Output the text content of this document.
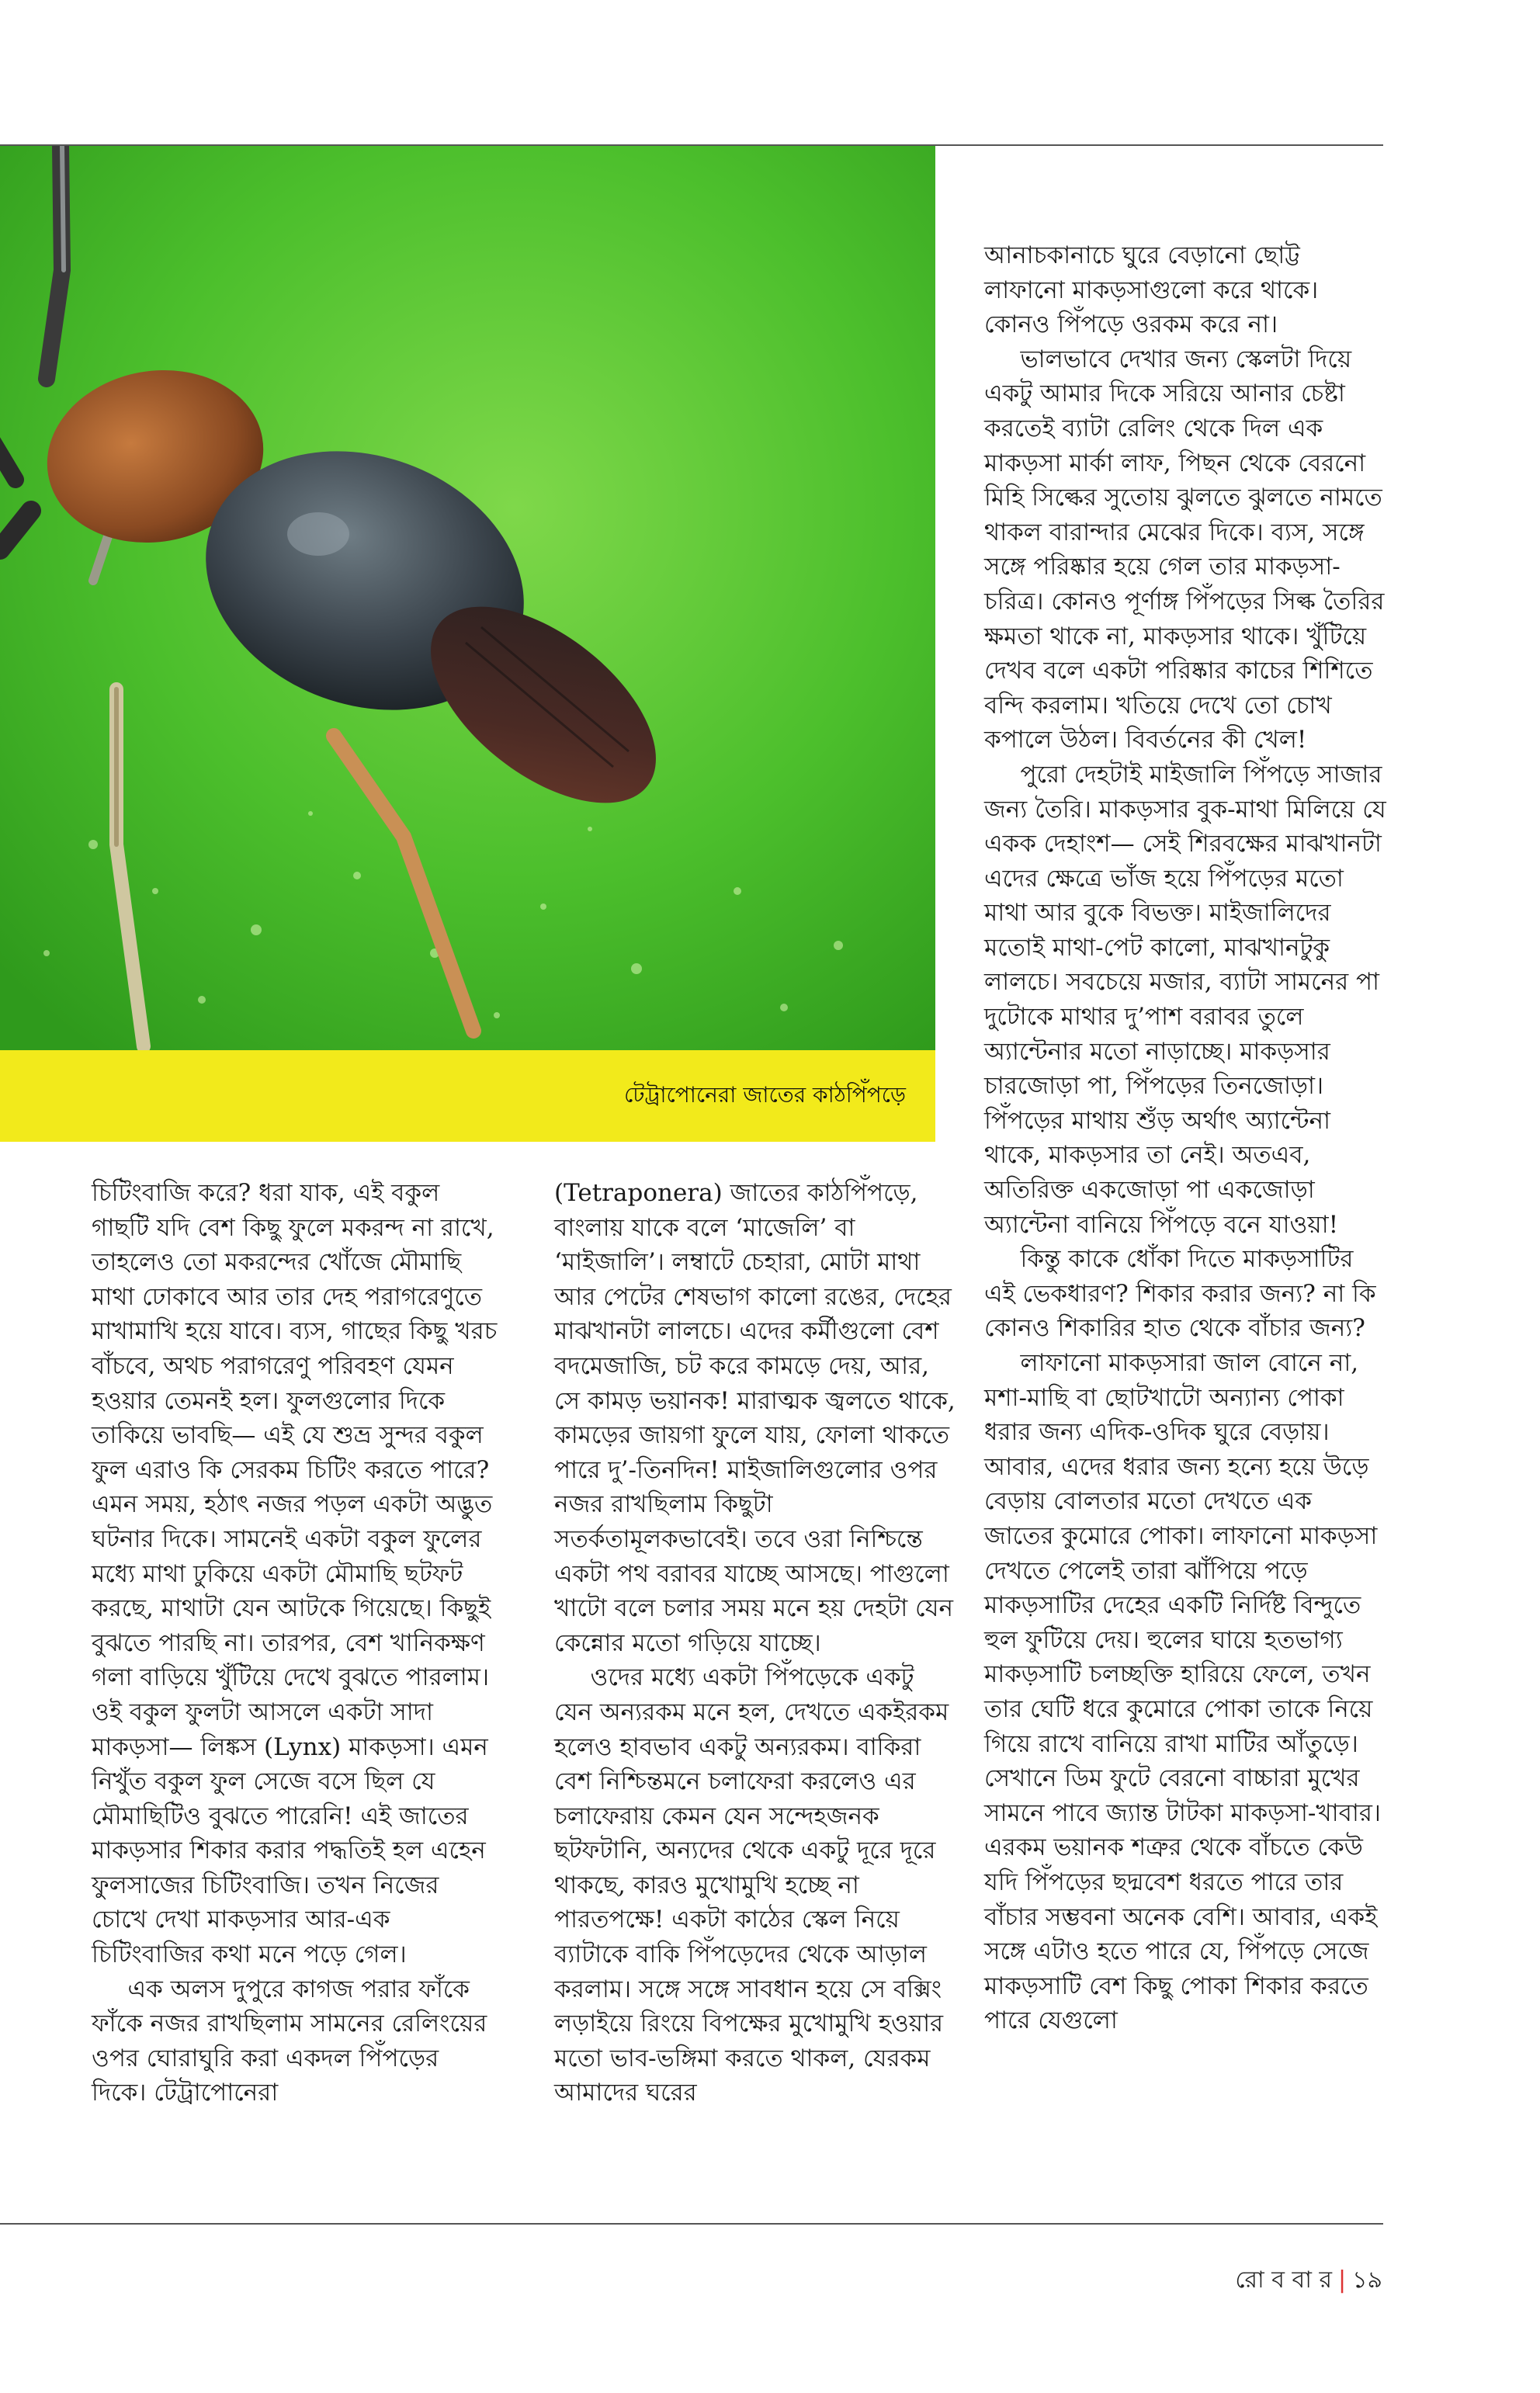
টেট্রাপোনেরা জাতের কাঠপিঁপড়ে

চিটিংবাজি করে? ধরা যাক, এই বকুল গাছটি যদি বেশ কিছু ফুলে মকরন্দ না রাখে, তাহলেও তো মকরন্দের খোঁজে মৌমাছি মাথা ঢোকাবে আর তার দেহ পরাগরেণুতে মাখামাখি হয়ে যাবে। ব্যস, গাছের কিছু খরচ বাঁচবে, অথচ পরাগরেণু পরিবহণ যেমন হওয়ার তেমনই হল। ফুলগুলোর দিকে তাকিয়ে ভাবছি— এই যে শুভ্র সুন্দর বকুল ফুল এরাও কি সেরকম চিটিং করতে পারে? এমন সময়, হঠাৎ নজর পড়ল একটা অদ্ভুত ঘটনার দিকে। সামনেই একটা বকুল ফুলের মধ্যে মাথা ঢুকিয়ে একটা মৌমাছি ছটফট করছে, মাথাটা যেন আটকে গিয়েছে। কিছুই বুঝতে পারছি না। তারপর, বেশ খানিকক্ষণ গলা বাড়িয়ে খুঁটিয়ে দেখে বুঝতে পারলাম। ওই বকুল ফুলটা আসলে একটা সাদা মাকড়সা— লিঙ্কস (Lynx) মাকড়সা। এমন নিখুঁত বকুল ফুল সেজে বসে ছিল যে মৌমাছিটিও বুঝতে পারেনি! এই জাতের মাকড়সার শিকার করার পদ্ধতিই হল এহেন ফুলসাজের চিটিংবাজি। তখন নিজের চোখে দেখা মাকড়সার আর-এক চিটিংবাজির কথা মনে পড়ে গেল।

এক অলস দুপুরে কাগজ পরার ফাঁকে ফাঁকে নজর রাখছিলাম সামনের রেলিংয়ের ওপর ঘোরাঘুরি করা একদল পিঁপড়ের দিকে। টেট্রাপোনেরা

(Tetraponera) জাতের কাঠপিঁপড়ে, বাংলায় যাকে বলে ‘মাজেলি’ বা ‘মাইজালি’। লম্বাটে চেহারা, মোটা মাথা আর পেটের শেষভাগ কালো রঙের, দেহের মাঝখানটা লালচে। এদের কর্মীগুলো বেশ বদমেজাজি, চট করে কামড়ে দেয়, আর, সে কামড় ভয়ানক! মারাত্মক জ্বলতে থাকে, কামড়ের জায়গা ফুলে যায়, ফোলা থাকতে পারে দু’-তিনদিন! মাইজালিগুলোর ওপর নজর রাখছিলাম কিছুটা সতর্কতামূলকভাবেই। তবে ওরা নিশ্চিন্তে একটা পথ বরাবর যাচ্ছে আসছে। পাগুলো খাটো বলে চলার সময় মনে হয় দেহটা যেন কেন্নোর মতো গড়িয়ে যাচ্ছে।

ওদের মধ্যে একটা পিঁপড়েকে একটু যেন অন্যরকম মনে হল, দেখতে একইরকম হলেও হাবভাব একটু অন্যরকম। বাকিরা বেশ নিশ্চিন্তমনে চলাফেরা করলেও এর চলাফেরায় কেমন যেন সন্দেহজনক ছটফটানি, অন্যদের থেকে একটু দূরে দূরে থাকছে, কারও মুখোমুখি হচ্ছে না পারতপক্ষে! একটা কাঠের স্কেল নিয়ে ব্যাটাকে বাকি পিঁপড়েদের থেকে আড়াল করলাম। সঙ্গে সঙ্গে সাবধান হয়ে সে বক্সিং লড়াইয়ে রিংয়ে বিপক্ষের মুখোমুখি হওয়ার মতো ভাব-ভঙ্গিমা করতে থাকল, যেরকম আমাদের ঘরের

আনাচকানাচে ঘুরে বেড়ানো ছোট্ট লাফানো মাকড়সাগুলো করে থাকে। কোনও পিঁপড়ে ওরকম করে না।

ভালভাবে দেখার জন্য স্কেলটা দিয়ে একটু আমার দিকে সরিয়ে আনার চেষ্টা করতেই ব্যাটা রেলিং থেকে দিল এক মাকড়সা মার্কা লাফ, পিছন থেকে বেরনো মিহি সিল্কের সুতোয় ঝুলতে ঝুলতে নামতে থাকল বারান্দার মেঝের দিকে। ব্যস, সঙ্গে সঙ্গে পরিষ্কার হয়ে গেল তার মাকড়সা-চরিত্র। কোনও পূর্ণাঙ্গ পিঁপড়ের সিল্ক তৈরির ক্ষমতা থাকে না, মাকড়সার থাকে। খুঁটিয়ে দেখব বলে একটা পরিষ্কার কাচের শিশিতে বন্দি করলাম। খতিয়ে দেখে তো চোখ কপালে উঠল। বিবর্তনের কী খেল!

পুরো দেহটাই মাইজালি পিঁপড়ে সাজার জন্য তৈরি। মাকড়সার বুক-মাথা মিলিয়ে যে একক দেহাংশ— সেই শিরবক্ষের মাঝখানটা এদের ক্ষেত্রে ভাঁজ হয়ে পিঁপড়ের মতো মাথা আর বুকে বিভক্ত। মাইজালিদের মতোই মাথা-পেট কালো, মাঝখানটুকু লালচে। সবচেয়ে মজার, ব্যাটা সামনের পা দুটোকে মাথার দু’পাশ বরাবর তুলে অ্যান্টেনার মতো নাড়াচ্ছে। মাকড়সার চারজোড়া পা, পিঁপড়ের তিনজোড়া। পিঁপড়ের মাথায় শুঁড় অর্থাৎ অ্যান্টেনা থাকে, মাকড়সার তা নেই। অতএব, অতিরিক্ত একজোড়া পা একজোড়া অ্যান্টেনা বানিয়ে পিঁপড়ে বনে যাওয়া!

কিন্তু কাকে ধোঁকা দিতে মাকড়সাটির এই ভেকধারণ? শিকার করার জন্য? না কি কোনও শিকারির হাত থেকে বাঁচার জন্য?

লাফানো মাকড়সারা জাল বোনে না, মশা-মাছি বা ছোটখাটো অন্যান্য পোকা ধরার জন্য এদিক-ওদিক ঘুরে বেড়ায়। আবার, এদের ধরার জন্য হন্যে হয়ে উড়ে বেড়ায় বোলতার মতো দেখতে এক জাতের কুমোরে পোকা। লাফানো মাকড়সা দেখতে পেলেই তারা ঝাঁপিয়ে পড়ে মাকড়সাটির দেহের একটি নির্দিষ্ট বিন্দুতে হুল ফুটিয়ে দেয়। হুলের ঘায়ে হতভাগ্য মাকড়সাটি চলচ্ছক্তি হারিয়ে ফেলে, তখন তার ঘেটি ধরে কুমোরে পোকা তাকে নিয়ে গিয়ে রাখে বানিয়ে রাখা মাটির আঁতুড়ে। সেখানে ডিম ফুটে বেরনো বাচ্চারা মুখের সামনে পাবে জ্যান্ত টাটকা মাকড়সা-খাবার। এরকম ভয়ানক শত্রুর থেকে বাঁচতে কেউ যদি পিঁপড়ের ছদ্মবেশ ধরতে পারে তার বাঁচার সম্ভবনা অনেক বেশি। আবার, একই সঙ্গে এটাও হতে পারে যে, পিঁপড়ে সেজে মাকড়সাটি বেশ কিছু পোকা শিকার করতে পারে যেগুলো

রো ব বা র | ১৯
